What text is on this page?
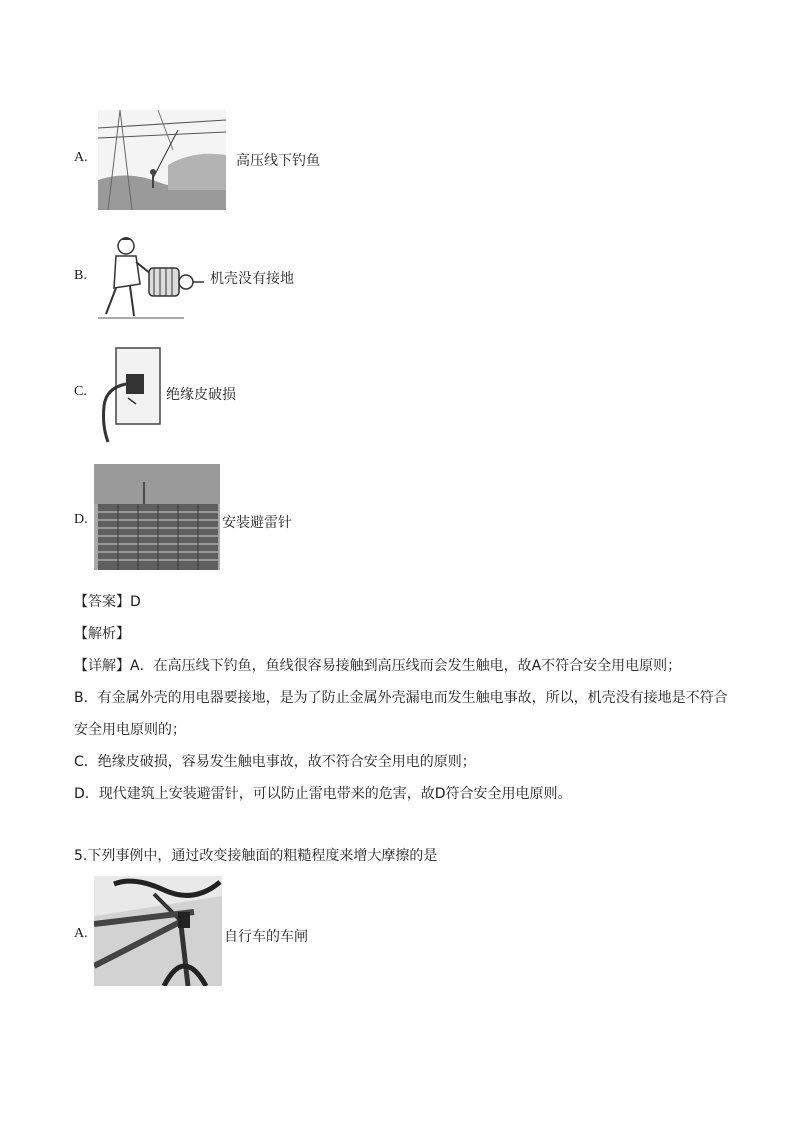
A.	高压线下钓鱼
B.	机壳没有接地
C.	绝缘皮破损
D.	安装避雷针
【答案】D
【解析】
【详解】A．在高压线下钓鱼，鱼线很容易接触到高压线而会发生触电，故A不符合安全用电原则；
B．有金属外壳的用电器要接地，是为了防止金属外壳漏电而发生触电事故，所以，机壳没有接地是不符合
安全用电原则的；
C．绝缘皮破损，容易发生触电事故，故不符合安全用电的原则；
D．现代建筑上安装避雷针，可以防止雷电带来的危害，故D符合安全用电原则。
5.下列事例中，通过改变接触面的粗糙程度来增大摩擦的是
A.	自行车的车闸
